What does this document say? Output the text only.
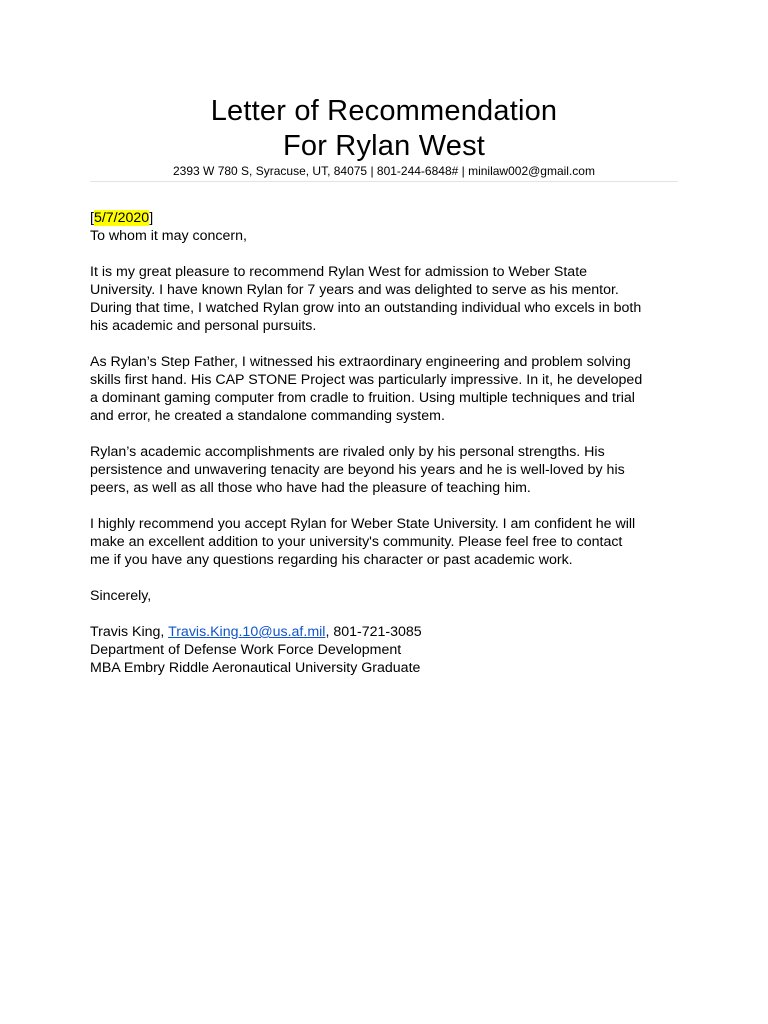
Letter of Recommendation
For Rylan West
2393 W 780 S, Syracuse, UT, 84075 | 801-244-6848# | minilaw002@gmail.com
[5/7/2020]
To whom it may concern,
It is my great pleasure to recommend Rylan West for admission to Weber State
University. I have known Rylan for 7 years and was delighted to serve as his mentor.
During that time, I watched Rylan grow into an outstanding individual who excels in both
his academic and personal pursuits.
As Rylan’s Step Father, I witnessed his extraordinary engineering and problem solving
skills first hand. His CAP STONE Project was particularly impressive. In it, he developed
a dominant gaming computer from cradle to fruition. Using multiple techniques and trial
and error, he created a standalone commanding system.
Rylan’s academic accomplishments are rivaled only by his personal strengths. His
persistence and unwavering tenacity are beyond his years and he is well-loved by his
peers, as well as all those who have had the pleasure of teaching him.
I highly recommend you accept Rylan for Weber State University. I am confident he will
make an excellent addition to your university's community. Please feel free to contact
me if you have any questions regarding his character or past academic work.
Sincerely,
Travis King, Travis.King.10@us.af.mil, 801-721-3085
Department of Defense Work Force Development
MBA Embry Riddle Aeronautical University Graduate
